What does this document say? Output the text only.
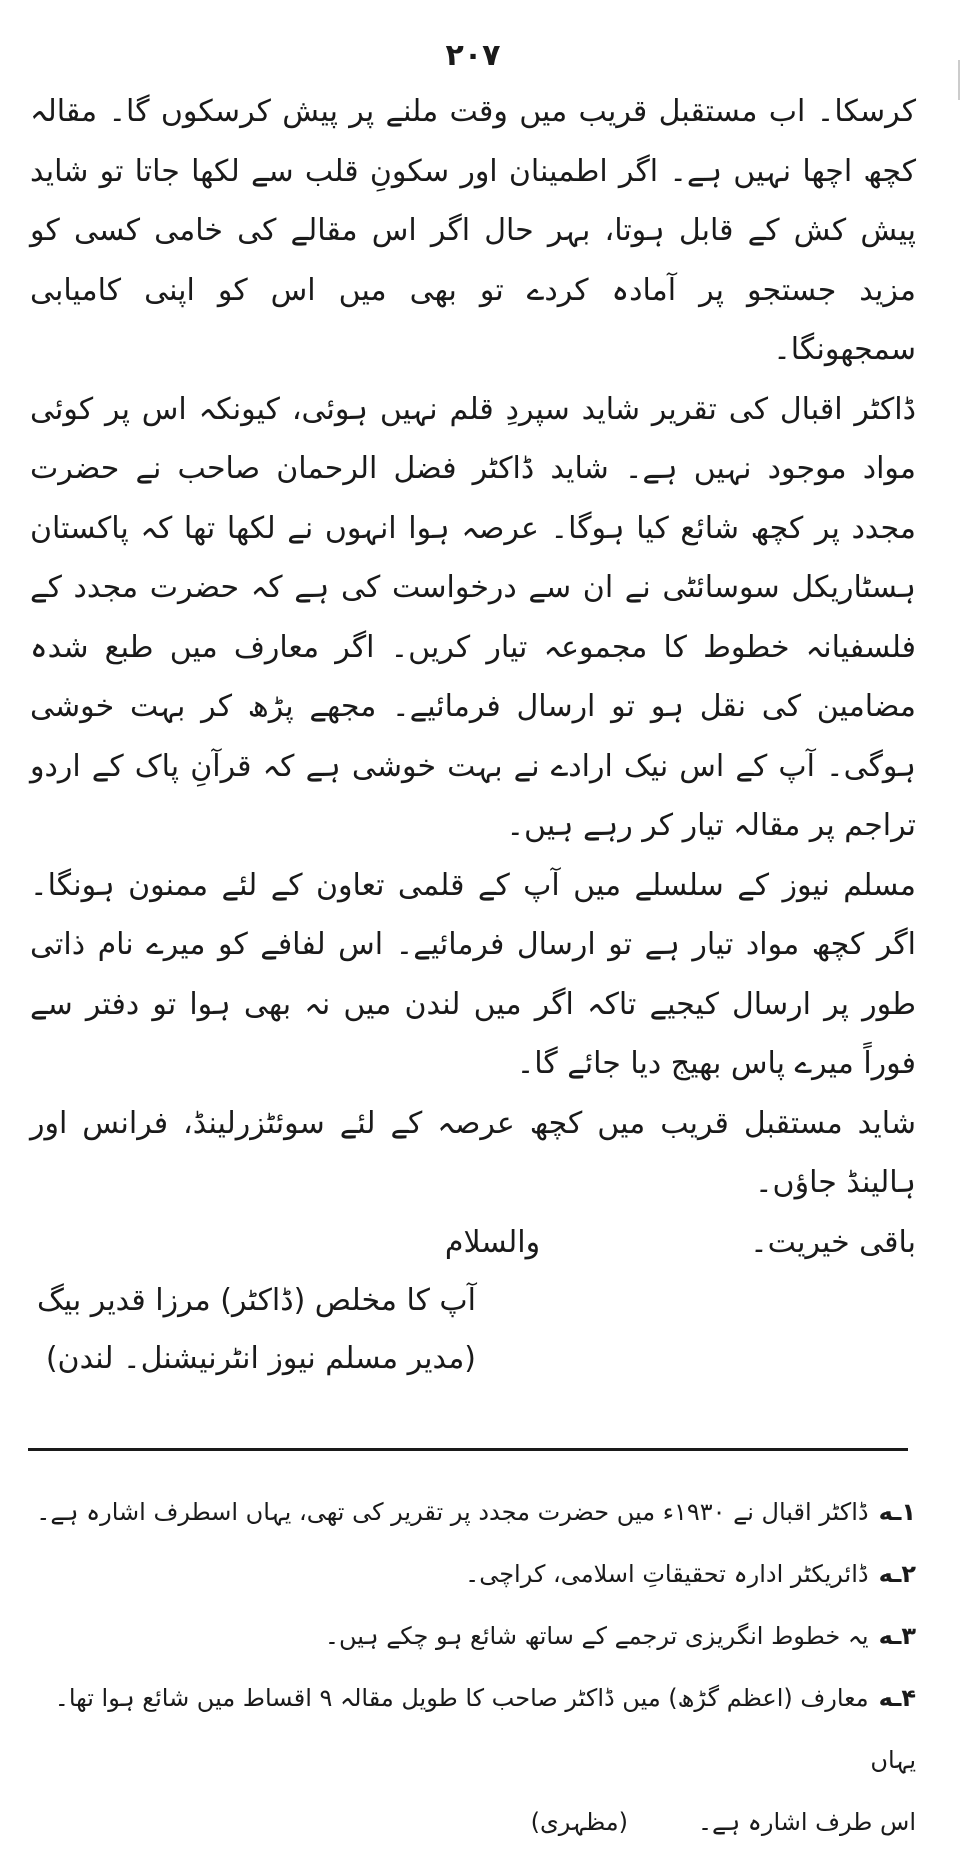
۲۰۷

کرسکا۔ اب مستقبل قریب میں وقت ملنے پر پیش کرسکوں گا۔ مقالہ کچھ اچھا نہیں ہے۔ اگر اطمینان اور سکونِ قلب سے لکھا جاتا تو شاید پیش کش کے قابل ہوتا، بہر حال اگر اس مقالے کی خامی کسی کو مزید جستجو پر آمادہ کردے تو بھی میں اس کو اپنی کامیابی سمجھونگا۔

ڈاکٹر اقبال کی تقریر شاید سپردِ قلم نہیں ہوئی، کیونکہ اس پر کوئی مواد موجود نہیں ہے۔ شاید ڈاکٹر فضل الرحمان صاحب نے حضرت مجدد پر کچھ شائع کیا ہوگا۔ عرصہ ہوا انہوں نے لکھا تھا کہ پاکستان ہسٹاریکل سوسائٹی نے ان سے درخواست کی ہے کہ حضرت مجدد کے فلسفیانہ خطوط کا مجموعہ تیار کریں۔ اگر معارف میں طبع شدہ مضامین کی نقل ہو تو ارسال فرمائیے۔ مجھے پڑھ کر بہت خوشی ہوگی۔ آپ کے اس نیک ارادے نے بہت خوشی ہے کہ قرآنِ پاک کے اردو تراجم پر مقالہ تیار کر رہے ہیں۔

مسلم نیوز کے سلسلے میں آپ کے قلمی تعاون کے لئے ممنون ہونگا۔ اگر کچھ مواد تیار ہے تو ارسال فرمائیے۔ اس لفافے کو میرے نام ذاتی طور پر ارسال کیجیے تاکہ اگر میں لندن میں نہ بھی ہوا تو دفتر سے فوراً میرے پاس بھیج دیا جائے گا۔

شاید مستقبل قریب میں کچھ عرصہ کے لئے سوئٹزرلینڈ، فرانس اور ہالینڈ جاؤں۔

باقی خیریت۔
والسلام
آپ کا مخلص (ڈاکٹر) مرزا قدیر بیگ
(مدیر مسلم نیوز انٹرنیشنل۔ لندن)

۱ـهڈاکٹر اقبال نے ۱۹۳۰ء میں حضرت مجدد پر تقریر کی تھی، یہاں اسطرف اشارہ ہے۔

۲ـهڈائریکٹر ادارہ تحقیقاتِ اسلامی، کراچی۔

۳ـهیہ خطوط انگریزی ترجمے کے ساتھ شائع ہو چکے ہیں۔

۴ـهمعارف (اعظم گڑھ) میں ڈاکٹر صاحب کا طویل مقالہ ۹ اقساط میں شائع ہوا تھا۔ یہاں

اس طرف اشارہ ہے۔(مظہری)
